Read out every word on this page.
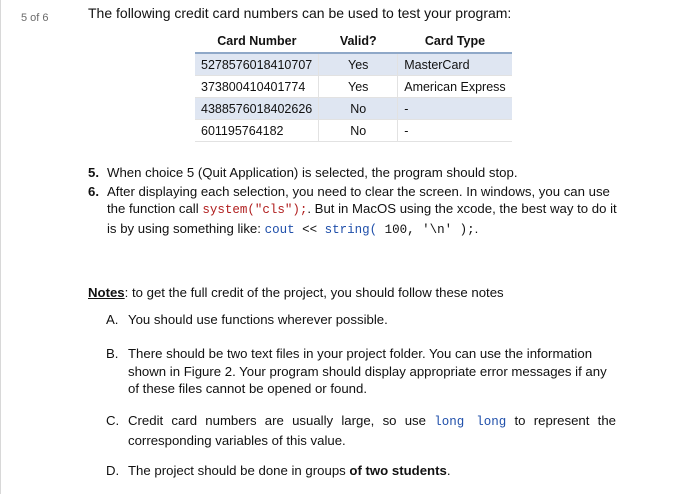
5 of 6	The following credit card numbers can be used to test your program:
Card Number	Valid?	Card Type
5278576018410707	Yes	MasterCard
373800410401774	Yes	American Express
4388576018402626	No	-
601195764182	No	-
5. When choice 5 (Quit Application) is selected, the program should stop.
6. After displaying each selection, you need to clear the screen. In windows, you can use the function call system("cls");. But in MacOS using the xcode, the best way to do it is by using something like: cout << string( 100, '\n' );.
Notes: to get the full credit of the project, you should follow these notes
A. You should use functions wherever possible.
B. There should be two text files in your project folder. You can use the information shown in Figure 2. Your program should display appropriate error messages if any of these files cannot be opened or found.
C. Credit card numbers are usually large, so use long long to represent the corresponding variables of this value.
D. The project should be done in groups of two students.
